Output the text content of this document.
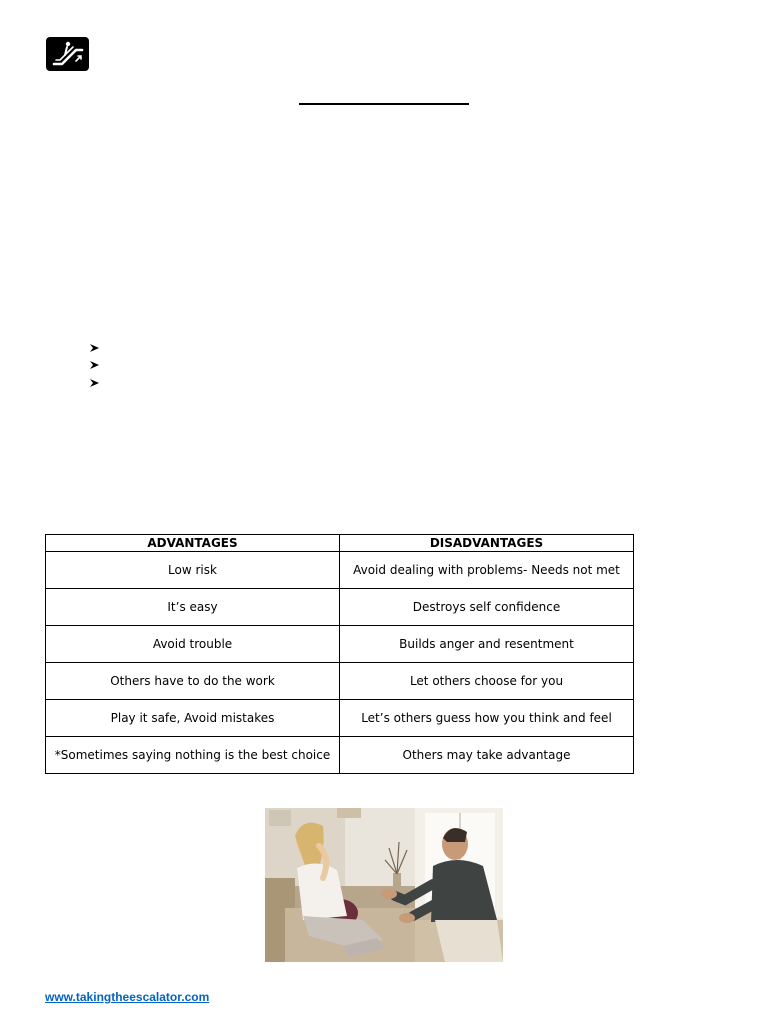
ADVANTAGES	DISADVANTAGES
Low risk	Avoid dealing with problems- Needs not met
It’s easy	Destroys self confidence
Avoid trouble	Builds anger and resentment
Others have to do the work	Let others choose for you
Play it safe, Avoid mistakes	Let’s others guess how you think and feel
*Sometimes saying nothing is the best choice	Others may take advantage
www.takingtheescalator.com
